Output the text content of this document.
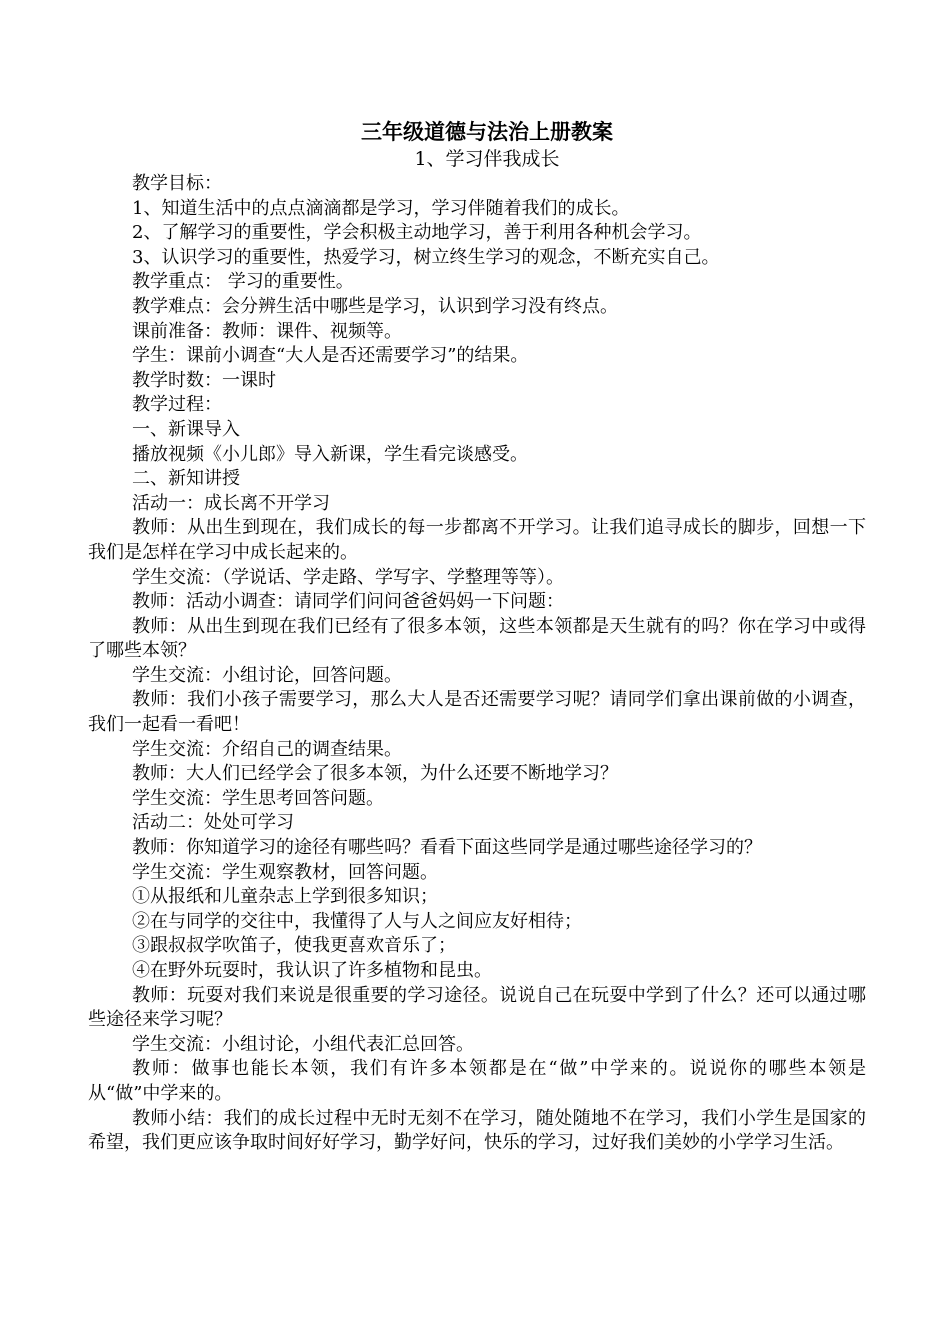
三年级道德与法治上册教案

1、学习伴我成长

教学目标：

1、知道生活中的点点滴滴都是学习，学习伴随着我们的成长。

2、了解学习的重要性，学会积极主动地学习，善于利用各种机会学习。

3、认识学习的重要性，热爱学习，树立终生学习的观念，不断充实自己。

教学重点： 学习的重要性。

教学难点：会分辨生活中哪些是学习，认识到学习没有终点。

课前准备：教师：课件、视频等。

学生：课前小调查“大人是否还需要学习”的结果。

教学时数：一课时

教学过程：

一、新课导入

播放视频《小儿郎》导入新课，学生看完谈感受。

二、新知讲授

活动一：成长离不开学习

教师：从出生到现在，我们成长的每一步都离不开学习。让我们追寻成长的脚步，回想一下我们是怎样在学习中成长起来的。

学生交流：（学说话、学走路、学写字、学整理等等）。

教师：活动小调查：请同学们问问爸爸妈妈一下问题：

教师：从出生到现在我们已经有了很多本领，这些本领都是天生就有的吗？你在学习中或得了哪些本领？

学生交流：小组讨论，回答问题。

教师：我们小孩子需要学习，那么大人是否还需要学习呢？请同学们拿出课前做的小调查，我们一起看一看吧！

学生交流：介绍自己的调查结果。

教师：大人们已经学会了很多本领，为什么还要不断地学习？

学生交流：学生思考回答问题。

活动二：处处可学习

教师：你知道学习的途径有哪些吗？看看下面这些同学是通过哪些途径学习的？

学生交流：学生观察教材，回答问题。

①从报纸和儿童杂志上学到很多知识；

②在与同学的交往中，我懂得了人与人之间应友好相待；

③跟叔叔学吹笛子，使我更喜欢音乐了；

④在野外玩耍时，我认识了许多植物和昆虫。

教师：玩耍对我们来说是很重要的学习途径。说说自己在玩耍中学到了什么？还可以通过哪些途径来学习呢？

学生交流：小组讨论，小组代表汇总回答。

教师：做事也能长本领，我们有许多本领都是在“做”中学来的。说说你的哪些本领是从“做”中学来的。

教师小结：我们的成长过程中无时无刻不在学习，随处随地不在学习，我们小学生是国家的希望，我们更应该争取时间好好学习，勤学好问，快乐的学习，过好我们美妙的小学学习生活。
